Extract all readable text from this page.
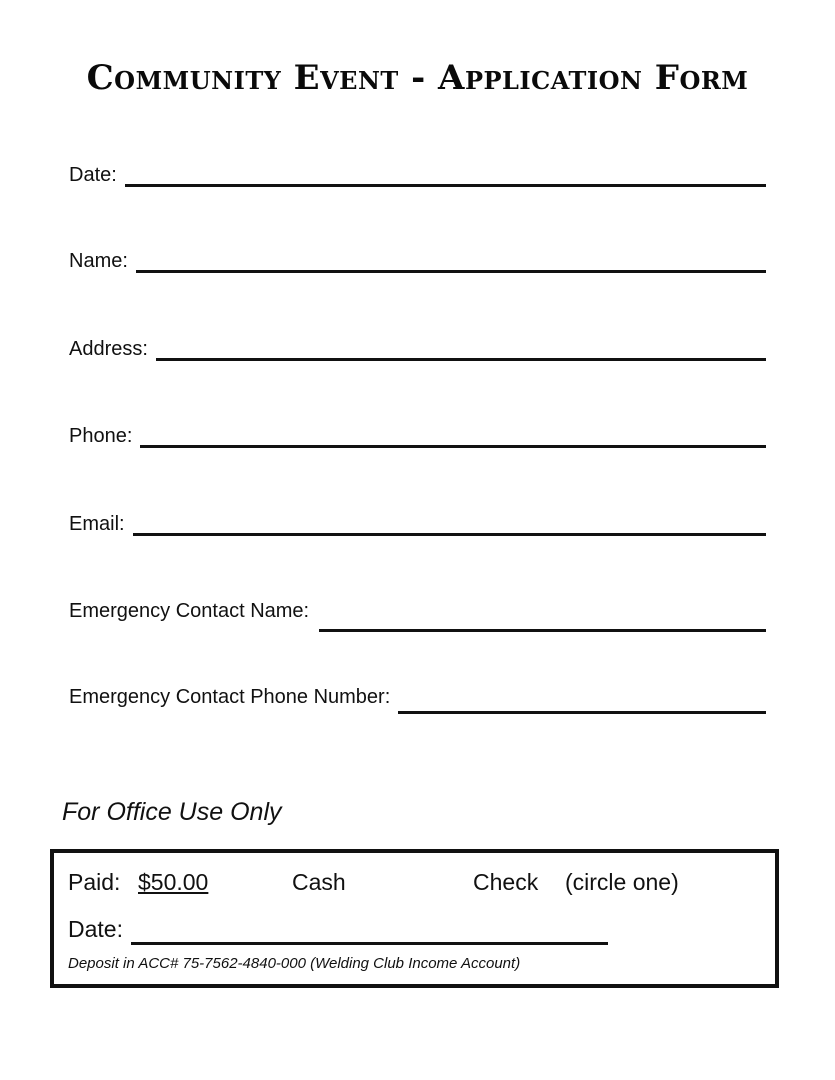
Community Event - Application Form
Date:
Name:
Address:
Phone:
Email:
Emergency Contact Name:
Emergency Contact Phone Number:
For Office Use Only
Paid: $50.00	Cash	Check (circle one)
Date:
Deposit in ACC# 75-7562-4840-000 (Welding Club Income Account)
